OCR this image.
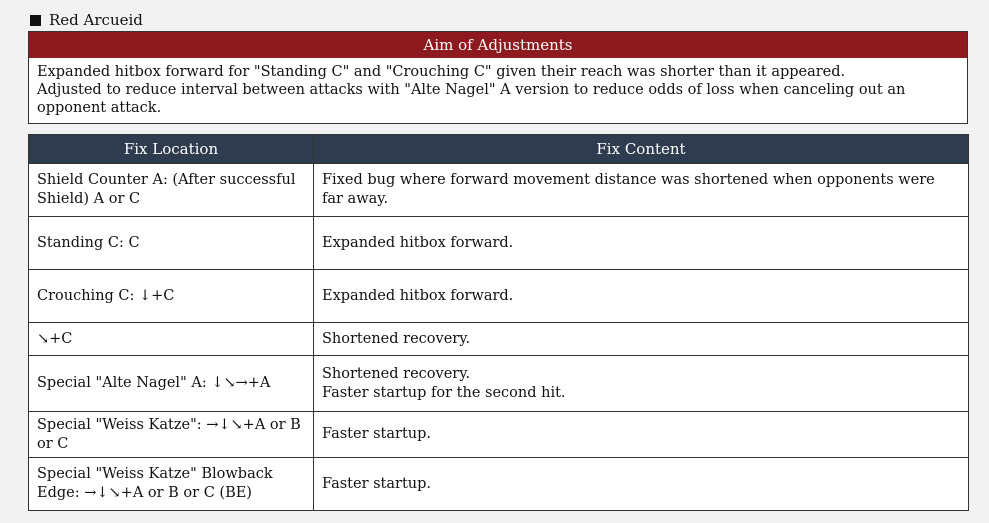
Red Arcueid
Aim of Adjustments
Expanded hitbox forward for "Standing C" and "Crouching C" given their reach was shorter than it appeared.
Adjusted to reduce interval between attacks with "Alte Nagel" A version to reduce odds of loss when canceling out an opponent attack.
Fix Location	Fix Content
Shield Counter A: (After successful Shield) A or C	Fixed bug where forward movement distance was shortened when opponents were far away.

Standing C: C	Expanded hitbox forward.

Crouching C: ↓+C	Expanded hitbox forward.

↘+C	Shortened recovery.

Special "Alte Nagel" A: ↓↘→+A	Shortened recovery.
Faster startup for the second hit.

Special "Weiss Katze": →↓↘+A or B or C	Faster startup.

Special "Weiss Katze" Blowback Edge: →↓↘+A or B or C (BE)	Faster startup.
